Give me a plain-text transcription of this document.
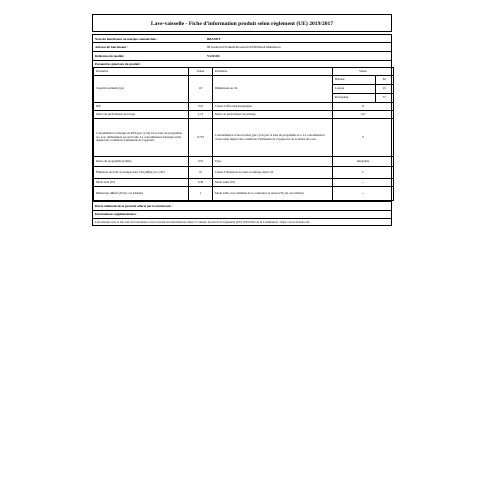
Lave-vaisselle - Fiche d’information produit selon règlement (UE) 2019/2017
Nom du fournisseur ou marque commerciale :	BRANDT
Adresse du fournisseur :	89 boulevard Franklin Roosevelt 92500 Rueil Malmaison
Référence du modèle :	VS1010X
Paramètres généraux du produit :
Paramètre	Valeur	Paramètre	Valeur
Capacité nominale (ps)	10	Dimensions en cm	
Hauteur	82
Largeur	45
Profondeur	57

IEE	55,0	Classe d’efficacité énergétique	E
Indice de performance de lavage	1,13	Indice de performance de séchage	1,07
Consommation d’énergie en kWh [par cycle] sur la base du programme eco avec alimentation en eau froide. La consommation d’énergie réelle dépend des conditions d’utilisation de l’appareil.	0,753	Consommation d’eau en litres [par cycle] sur la base du programme eco. La consommation d’eau réelle dépend des conditions d’utilisation de l’appareil et de la dureté de l’eau.	9
Durée du programme (h:min)	3:55	Type	Intégrable
Émissions de bruit acoustique dans l’air [dB(A) re 1 pW]	47	Classe d’émissions de bruit acoustique dans l’air	C
Mode arrêt (W)	0,49	Mode veille (W)	—
Démarrage différé (W) (le cas échéant)	1	Mode veille avec maintien de la connexion au réseau (W) (le cas échéant)	—
Durée minimale de la garantie offerte par le fournisseur :
Informations supplémentaires :
Lien internet vers le site web du fournisseur où se trouvent les informations visées à l’annexe II point 6 du règlement (UE) 2019/2022 de la Commission : https://www.brandt.com
